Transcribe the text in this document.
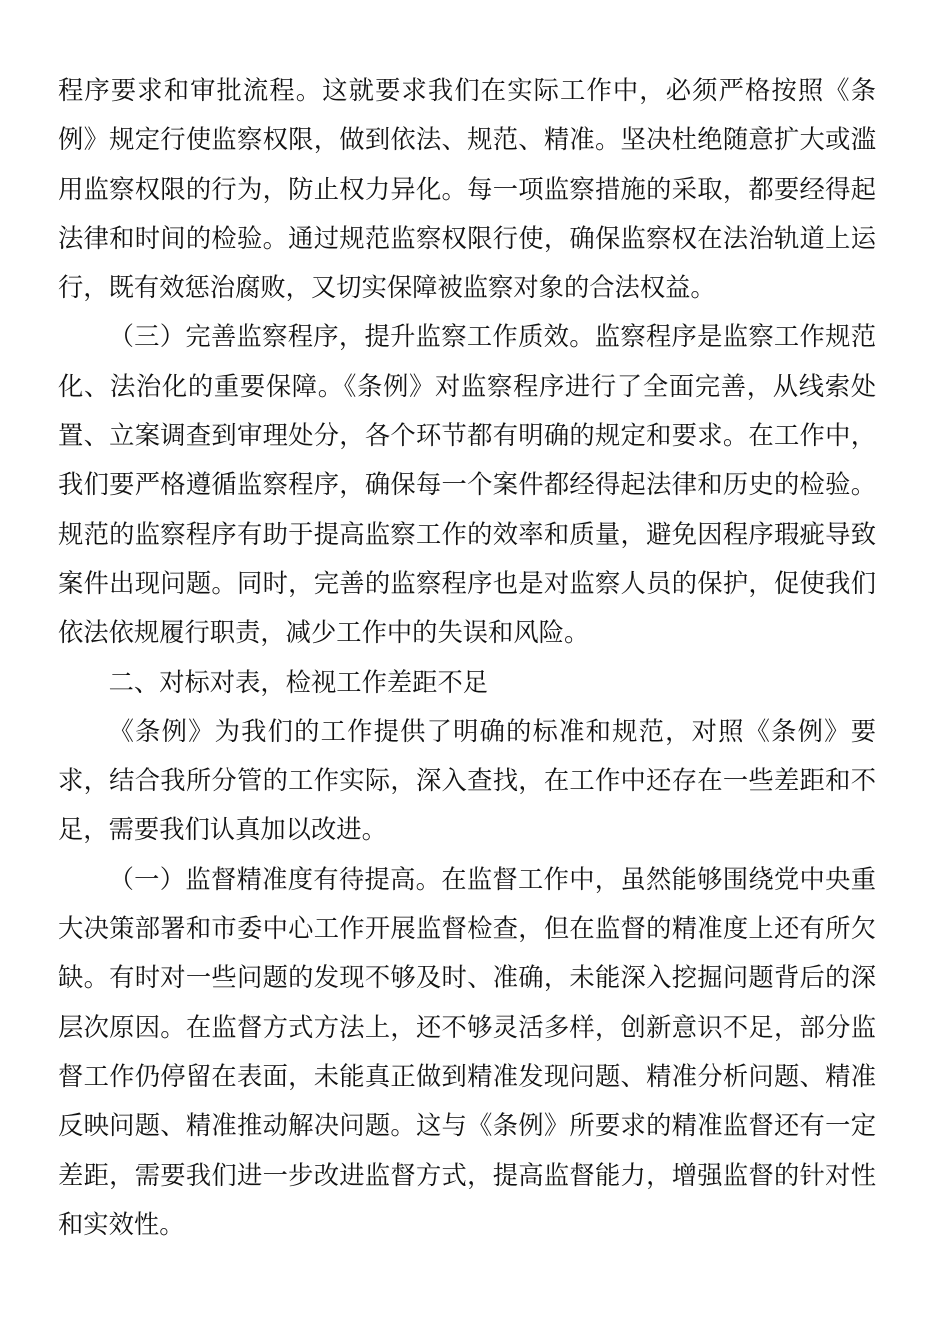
程序要求和审批流程。这就要求我们在实际工作中，必须严格按照《条例》规定行使监察权限，做到依法、规范、精准。坚决杜绝随意扩大或滥用监察权限的行为，防止权力异化。每一项监察措施的采取，都要经得起法律和时间的检验。通过规范监察权限行使，确保监察权在法治轨道上运行，既有效惩治腐败，又切实保障被监察对象的合法权益。

（三）完善监察程序，提升监察工作质效。监察程序是监察工作规范化、法治化的重要保障。《条例》对监察程序进行了全面完善，从线索处置、立案调查到审理处分，各个环节都有明确的规定和要求。在工作中，我们要严格遵循监察程序，确保每一个案件都经得起法律和历史的检验。规范的监察程序有助于提高监察工作的效率和质量，避免因程序瑕疵导致案件出现问题。同时，完善的监察程序也是对监察人员的保护，促使我们依法依规履行职责，减少工作中的失误和风险。

二、对标对表，检视工作差距不足

《条例》为我们的工作提供了明确的标准和规范，对照《条例》要求，结合我所分管的工作实际，深入查找，在工作中还存在一些差距和不足，需要我们认真加以改进。

（一）监督精准度有待提高。在监督工作中，虽然能够围绕党中央重大决策部署和市委中心工作开展监督检查，但在监督的精准度上还有所欠缺。有时对一些问题的发现不够及时、准确，未能深入挖掘问题背后的深层次原因。在监督方式方法上，还不够灵活多样，创新意识不足，部分监督工作仍停留在表面，未能真正做到精准发现问题、精准分析问题、精准反映问题、精准推动解决问题。这与《条例》所要求的精准监督还有一定差距，需要我们进一步改进监督方式，提高监督能力，增强监督的针对性和实效性。
